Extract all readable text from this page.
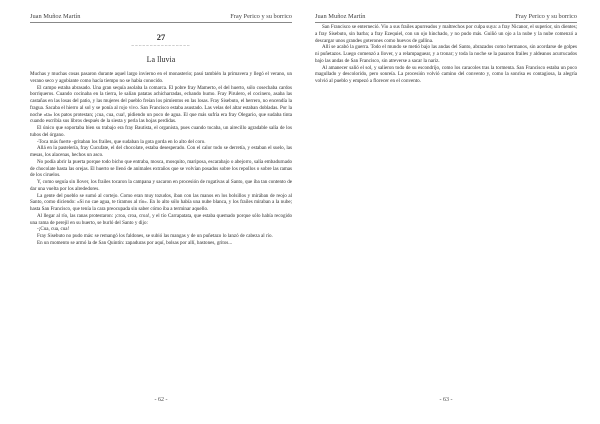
Juan Muñoz Martín	Fray Perico y su borrico
27
~~~~~~~~~~~~~~~~
La lluvia

Muchas y muchas cosas pasaron durante aquel largo invierno en el monasterio; pasó también la primavera y llegó el verano, un verano seco y agobiante como hacía tiempo no se había conocido.

El campo estaba abrasado. Una gran sequía asolaba la comarca. El pobre fray Mamerto, el del huerto, sólo cosechaba cardos borriqueros. Cuando cocinaba en la tierra, le salían patatas achicharradas, echando humo. Fray Pirulero, el cocinero, asaba las castañas en las losas del patio, y las mujeres del pueblo freían los pimientos en las losas. Fray Sisebuto, el herrero, no encendía la fragua. Sacaba el hierro al sol y se ponía al rojo vivo. San Francisco estaba asustado. Las velas del altar estaban dobladas. Por la noche «ta» los patos protestan; ¡cua, cua, cua!, pidiendo un poco de agua. El que más sufría era fray Olegario, que sudaba tinta cuando escribía sus libros después de la siesta y perla las hojas perdidas.

El único que soportaba bien su trabajo era fray Bautista, el organista, pues cuando tocaba, un airecillo agradable salía de los tubos del órgano.

-Toca más fuerte -gritaban los frailes, que sudaban la gota gorda en lo alto del coro.

Allá en la pastelería, fray Cucufate, el del chocolate, estaba desesperado. Con el calor todo se derretía, y estaban el suelo, las mesas, los alacenas, hechos un asco.

No podía abrir la puerta porque todo bicho que entraba, mosca, mosquito, mariposa, escarabajo o abejorro, salía embadurnado de chocolate hasta las orejas. El huerto se llenó de animales extraños que se volvían posados sobre los repollos o sobre las ramas de los ciruelos.

Y, como seguía sin llover, los frailes tocaron la campana y sacaron en procesión de rogativas al Santo, que iba tan contento de dar una vuelta por los alrededores.

La gente del pueblo se sumó al cortejo. Como eran muy tozudos, iban con las manos en los bolsillos y mirában de reojo al Santo, como diciendo: «Si no cae agua, te tiramos al río». En lo alto sólo había una nube blanca, y los frailes miraban a la nube; hasta San Francisco, que tenía la cara preocupada sin saber cómo iba a terminar aquello.

Al llegar al río, las ranas protestaron: ¡croa, croa, croa!, y el tío Carrapatata, que estaba quemado porque sólo había recogido una rama de perejil en su huerto, se burló del Santo y dijo:

-¡Cua, cua, cua!

Fray Sisebuto no pudo más: se remangó los faldones, se subió las mangas y de un puñetazo lo lanzó de cabeza al río.

En un momento se armó la de San Quintín: zapaduras por aquí, bolsas por allí, bastones, gritos...

- 62 -
Juan Muñoz Martín	Fray Perico y su borrico

San Francisco se enterneció. Vio a sus frailes apurreados y maltrechos por culpa suya: a fray Nicanor, el superior, sin dientes; a fray Sisebuto, sin barba; a fray Ezequiel, con un ojo hinchado, y no pudo más. Guiñó un ojo a la nube y la nube comenzó a descargar unos grandes goterones como huevos de gallina.

Allí se acabó la guerra. Todo el mundo se metió bajo las andas del Santo, abrazados como hermanos, sin acordarse de golpes ni puñetazos. Luego comenzó a llover, y a relampaguear, y a tronar; y toda la noche se la pasaron frailes y aldeanos acurrucados bajo las andas de San Francisco, sin atreverse a sacar la nariz.

Al amanecer salió el sol, y salieron todo de su escondrijo, como los caracoles tras la tormenta. San Francisco estaba un poco magullado y descolorido, pero sonreía. La procesión volvió camino del convento y, como la sonrisa es contagiosa, la alegría volvió al pueblo y empezó a florecer en el convento.

- 63 -
